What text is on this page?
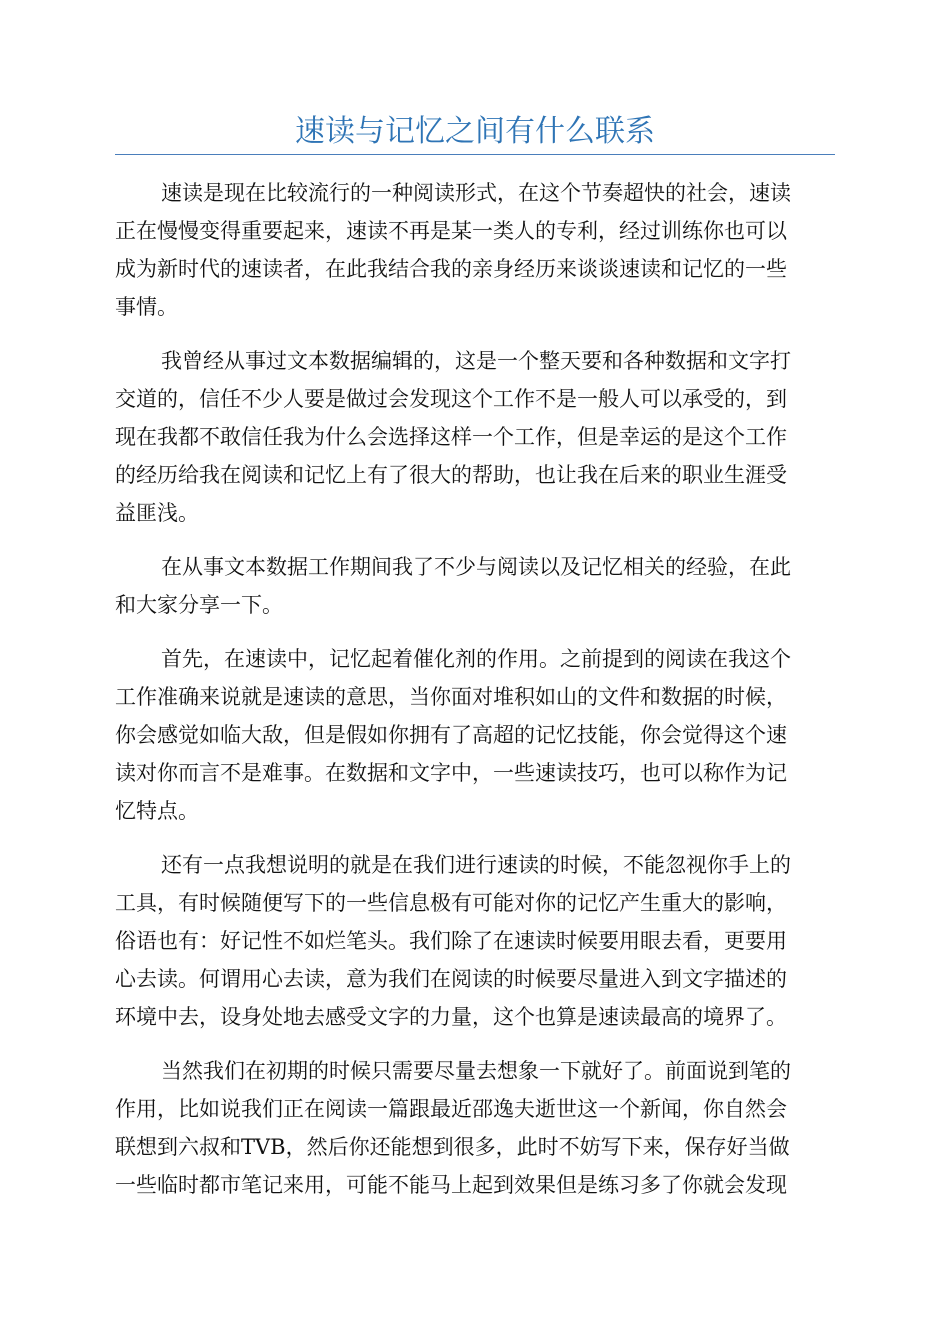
速读与记忆之间有什么联系
速读是现在比较流行的一种阅读形式，在这个节奏超快的社会，速读
正在慢慢变得重要起来，速读不再是某一类人的专利，经过训练你也可以
成为新时代的速读者，在此我结合我的亲身经历来谈谈速读和记忆的一些
事情。
我曾经从事过文本数据编辑的，这是一个整天要和各种数据和文字打
交道的，信任不少人要是做过会发现这个工作不是一般人可以承受的，到
现在我都不敢信任我为什么会选择这样一个工作，但是幸运的是这个工作
的经历给我在阅读和记忆上有了很大的帮助，也让我在后来的职业生涯受
益匪浅。
在从事文本数据工作期间我了不少与阅读以及记忆相关的经验，在此
和大家分享一下。
首先，在速读中，记忆起着催化剂的作用。之前提到的阅读在我这个
工作准确来说就是速读的意思，当你面对堆积如山的文件和数据的时候，
你会感觉如临大敌，但是假如你拥有了高超的记忆技能，你会觉得这个速
读对你而言不是难事。在数据和文字中，一些速读技巧，也可以称作为记
忆特点。
还有一点我想说明的就是在我们进行速读的时候，不能忽视你手上的
工具，有时候随便写下的一些信息极有可能对你的记忆产生重大的影响，
俗语也有：好记性不如烂笔头。我们除了在速读时候要用眼去看，更要用
心去读。何谓用心去读，意为我们在阅读的时候要尽量进入到文字描述的
环境中去，设身处地去感受文字的力量，这个也算是速读最高的境界了。
当然我们在初期的时候只需要尽量去想象一下就好了。前面说到笔的
作用，比如说我们正在阅读一篇跟最近邵逸夫逝世这一个新闻，你自然会
联想到六叔和TVB，然后你还能想到很多，此时不妨写下来，保存好当做
一些临时都市笔记来用，可能不能马上起到效果但是练习多了你就会发现
